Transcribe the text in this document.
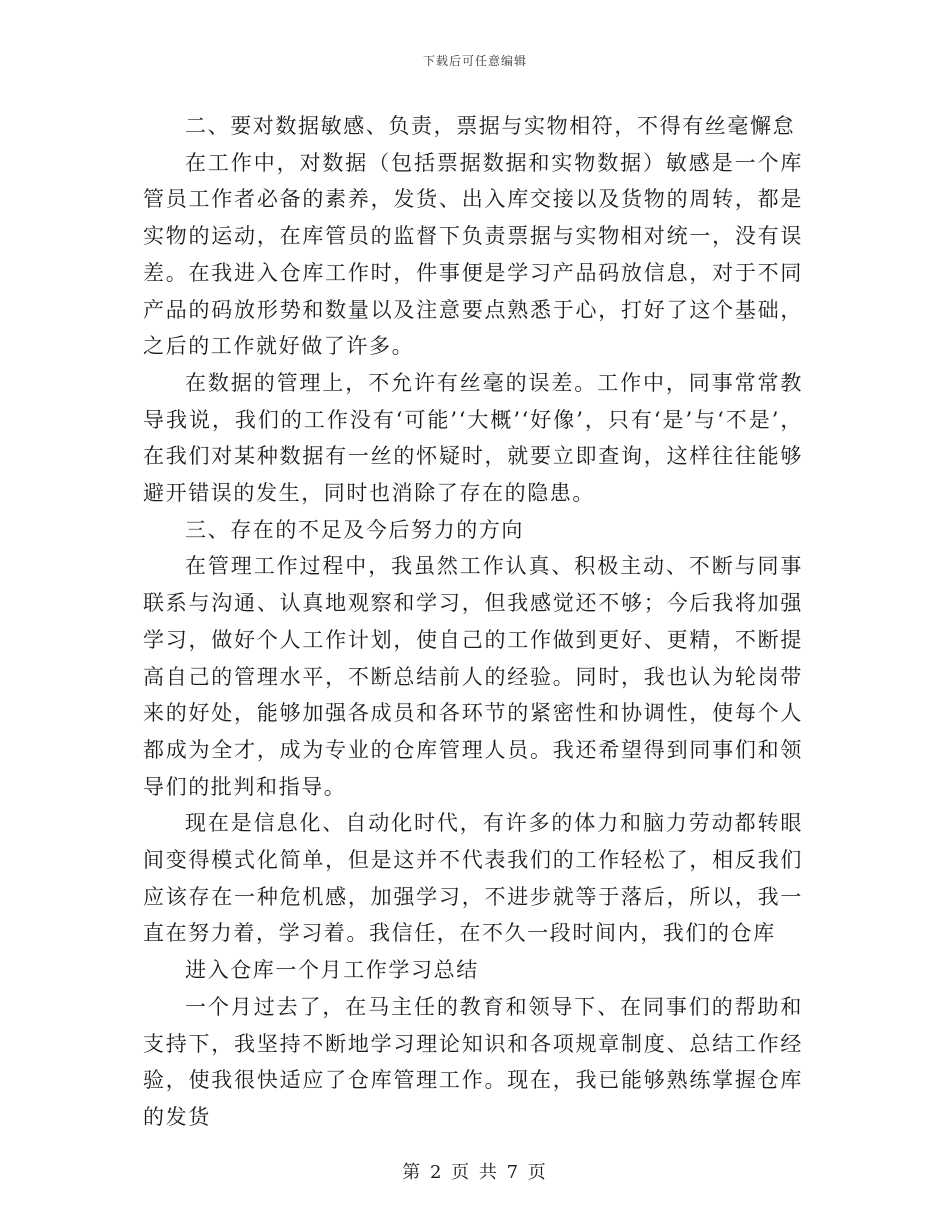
下载后可任意编辑

二、要对数据敏感、负责，票据与实物相符，不得有丝毫懈怠

在工作中，对数据（包括票据数据和实物数据）敏感是一个库管员工作者必备的素养，发货、出入库交接以及货物的周转，都是实物的运动，在库管员的监督下负责票据与实物相对统一，没有误差。在我进入仓库工作时，件事便是学习产品码放信息，对于不同产品的码放形势和数量以及注意要点熟悉于心，打好了这个基础，之后的工作就好做了许多。

在数据的管理上，不允许有丝毫的误差。工作中，同事常常教导我说，我们的工作没有‘可能’‘大概’‘好像’，只有‘是’与‘不是’，在我们对某种数据有一丝的怀疑时，就要立即查询，这样往往能够避开错误的发生，同时也消除了存在的隐患。

三、存在的不足及今后努力的方向

在管理工作过程中，我虽然工作认真、积极主动、不断与同事联系与沟通、认真地观察和学习，但我感觉还不够；今后我将加强学习，做好个人工作计划，使自己的工作做到更好、更精，不断提高自己的管理水平，不断总结前人的经验。同时，我也认为轮岗带来的好处，能够加强各成员和各环节的紧密性和协调性，使每个人都成为全才，成为专业的仓库管理人员。我还希望得到同事们和领导们的批判和指导。

现在是信息化、自动化时代，有许多的体力和脑力劳动都转眼间变得模式化简单，但是这并不代表我们的工作轻松了，相反我们应该存在一种危机感，加强学习，不进步就等于落后，所以，我一直在努力着，学习着。我信任，在不久一段时间内，我们的仓库

进入仓库一个月工作学习总结

一个月过去了，在马主任的教育和领导下、在同事们的帮助和支持下，我坚持不断地学习理论知识和各项规章制度、总结工作经验，使我很快适应了仓库管理工作。现在，我已能够熟练掌握仓库的发货

第 2 页 共 7 页
